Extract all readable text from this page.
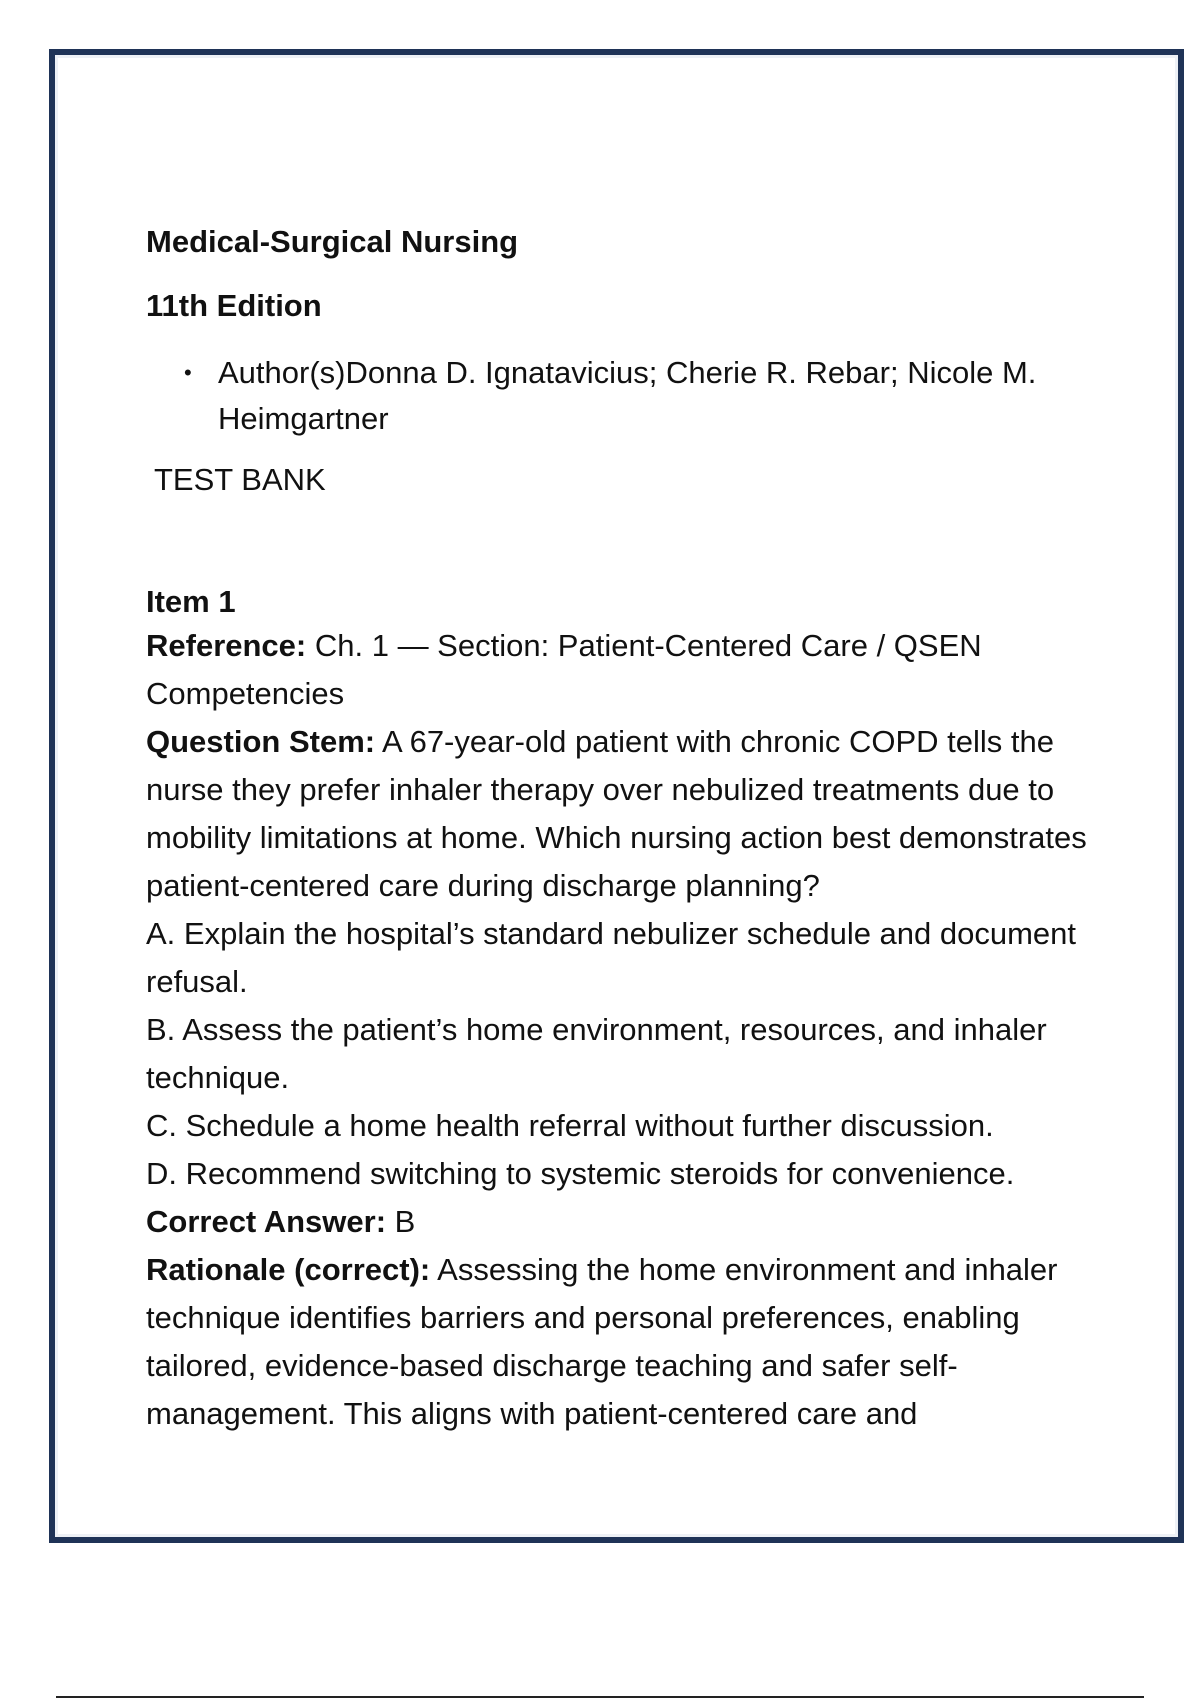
Medical-Surgical Nursing

11th Edition

• Author(s)Donna D. Ignatavicius; Cherie R. Rebar; Nicole M. Heimgartner

TEST BANK

Item 1

Reference: Ch. 1 — Section: Patient-Centered Care / QSEN Competencies

Question Stem: A 67-year-old patient with chronic COPD tells the nurse they prefer inhaler therapy over nebulized treatments due to mobility limitations at home. Which nursing action best demonstrates patient-centered care during discharge planning?

A. Explain the hospital’s standard nebulizer schedule and document refusal.

B. Assess the patient’s home environment, resources, and inhaler technique.

C. Schedule a home health referral without further discussion.

D. Recommend switching to systemic steroids for convenience.

Correct Answer: B

Rationale (correct): Assessing the home environment and inhaler technique identifies barriers and personal preferences, enabling tailored, evidence-based discharge teaching and safer self-management. This aligns with patient-centered care and
